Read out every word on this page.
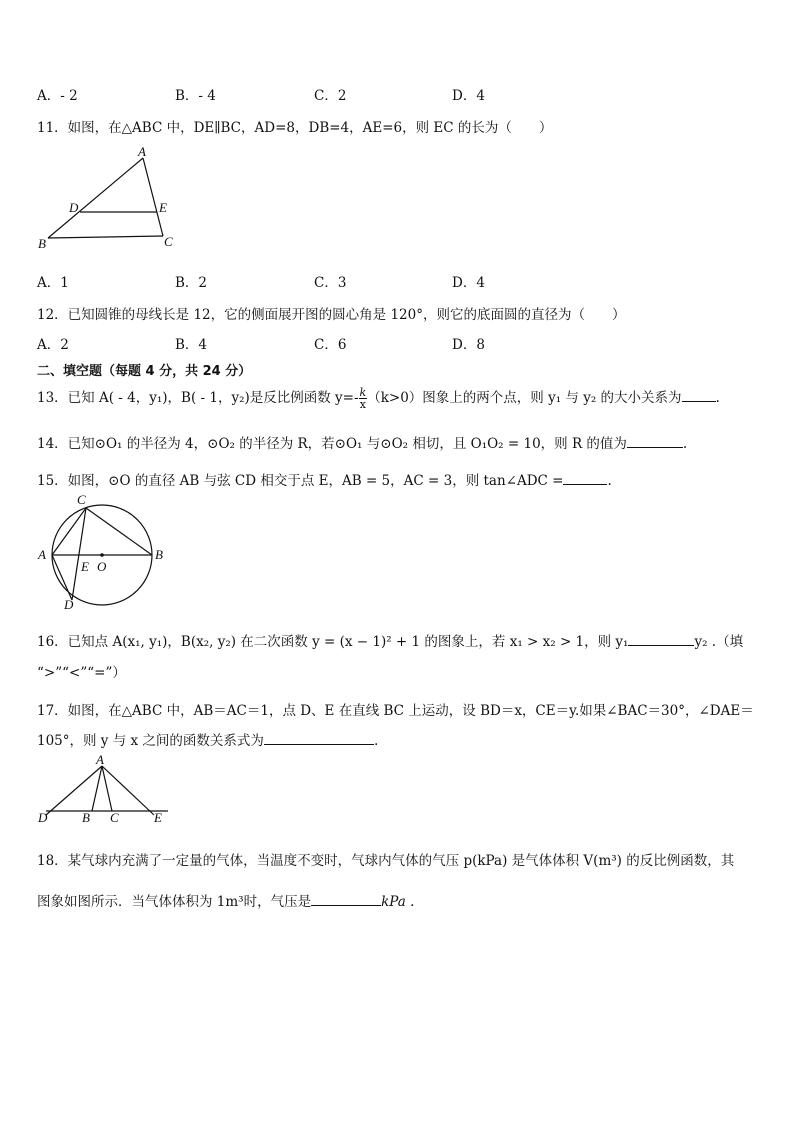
A．- 2	B．- 4	C．2	D．4
11．如图，在△ABC 中，DE∥BC，AD=8，DB=4，AE=6，则 EC 的长为（　　）
A
D	E
B	C
A．1	B．2	C．3	D．4
12．已知圆锥的母线长是 12，它的侧面展开图的圆心角是 120°，则它的底面圆的直径为（　　）
A．2	B．4	C．6	D．8
二、填空题（每题 4 分，共 24 分）
13．已知 A( - 4，y₁)，B( - 1，y₂)是反比例函数 $y=- \frac{k}{x} (k>0)$图象上的两个点，则 y₁ 与 y₂ 的大小关系为	.
14．已知⊙O₁ 的半径为 4，⊙O₂ 的半径为 R，若⊙O₁ 与⊙O₂ 相切，且 O₁O₂ = 10，则 R 的值为	.
15．如图，⊙O 的直径 AB 与弦 CD 相交于点 E，AB = 5，AC = 3，则 tan∠ADC =	.
C
A
E O
B
D
16．已知点 A(x₁, y₁)，B(x₂, y₂) 在二次函数 y = (x − 1)² + 1 的图象上，若 x₁ > x₂ > 1，则 y₁	y₂ .（填
“>”“<”“=”）
17．如图，在△ABC 中，AB＝AC＝1，点 D、E 在直线 BC 上运动，设 BD＝x，CE＝y.如果∠BAC＝30°，∠DAE＝
105°，则 y 与 x 之间的函数关系式为	.
A
D	B C	E
18．某气球内充满了一定量的气体，当温度不变时，气球内气体的气压 p(kPa) 是气体体积 V(m³) 的反比例函数，其
图象如图所示．当气体体积为 1m³时，气压是	kPa .
